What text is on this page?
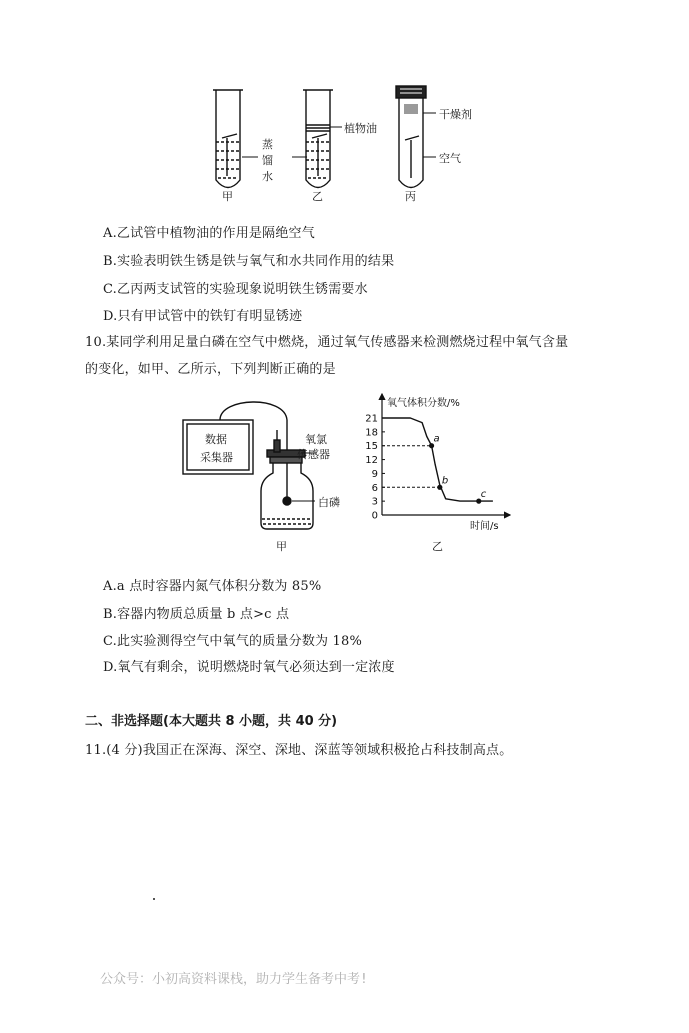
蒸
馏
水
植物油
干燥剂
空气
甲	乙	丙
A.乙试管中植物油的作用是隔绝空气
B.实验表明铁生锈是铁与氧气和水共同作用的结果
C.乙丙两支试管的实验现象说明铁生锈需要水
D.只有甲试管中的铁钉有明显锈迹
10.某同学利用足量白磷在空气中燃烧，通过氧气传感器来检测燃烧过程中氧气含量
的变化，如甲、乙所示，下列判断正确的是
数据
采集器
氧氯
传感器
白磷
甲
氧气体积分数/%
时间/s
21
18
15
12
9
6
3
0
a
b
c
乙
A.a 点时容器内氮气体积分数为 85%
B.容器内物质总质量 b 点>c 点
C.此实验测得空气中氧气的质量分数为 18%
D.氧气有剩余，说明燃烧时氧气必须达到一定浓度
二、非选择题(本大题共 8 小题，共 40 分)
11.(4 分)我国正在深海、深空、深地、深蓝等领域积极抢占科技制高点。
公众号：小初高资料课栈，助力学生备考中考!
